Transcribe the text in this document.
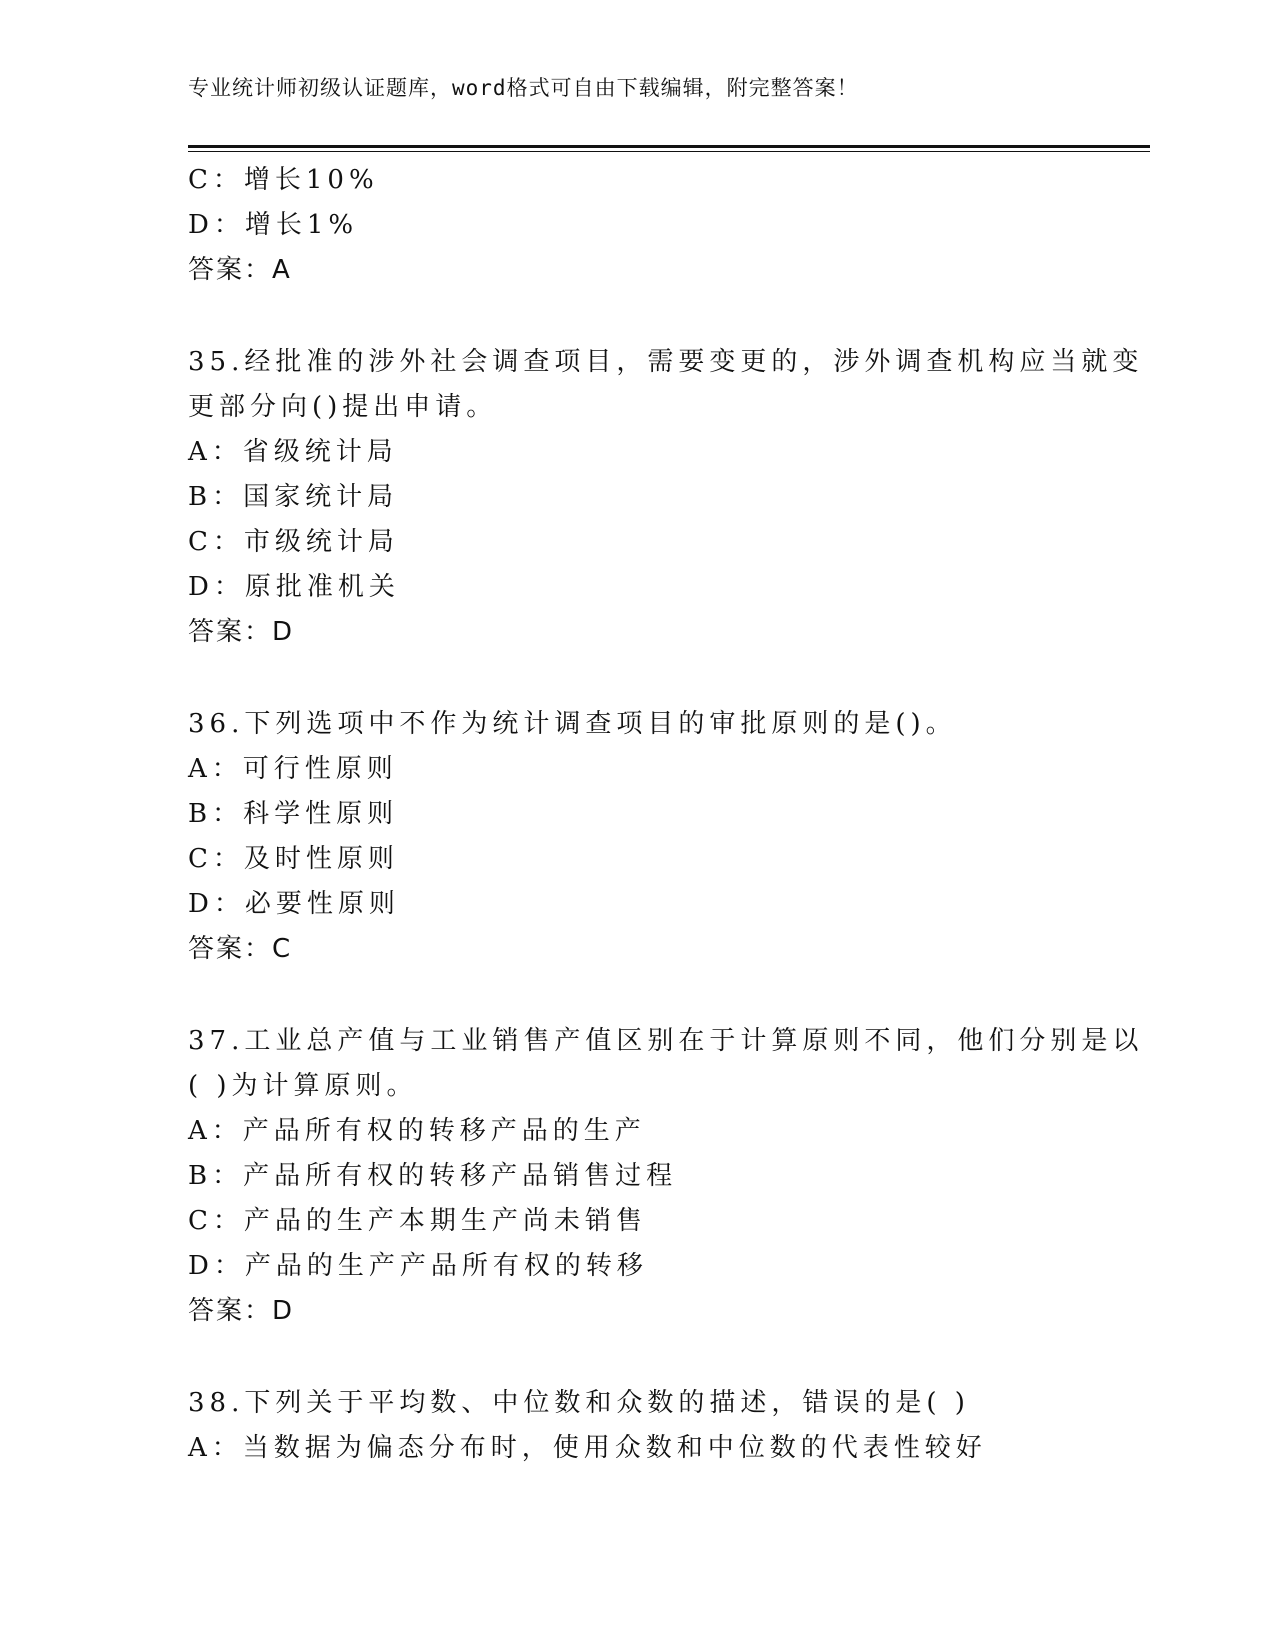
专业统计师初级认证题库，word格式可自由下载编辑，附完整答案！
C：增长10%
D：增长1%
答案：A
35.经批准的涉外社会调查项目，需要变更的，涉外调查机构应当就变
更部分向()提出申请。
A：省级统计局
B：国家统计局
C：市级统计局
D：原批准机关
答案：D
36.下列选项中不作为统计调查项目的审批原则的是()。
A：可行性原则
B：科学性原则
C：及时性原则
D：必要性原则
答案：C
37.工业总产值与工业销售产值区别在于计算原则不同，他们分别是以
( )为计算原则。
A：产品所有权的转移产品的生产
B：产品所有权的转移产品销售过程
C：产品的生产本期生产尚未销售
D：产品的生产产品所有权的转移
答案：D
38.下列关于平均数、中位数和众数的描述，错误的是( )
A：当数据为偏态分布时，使用众数和中位数的代表性较好
